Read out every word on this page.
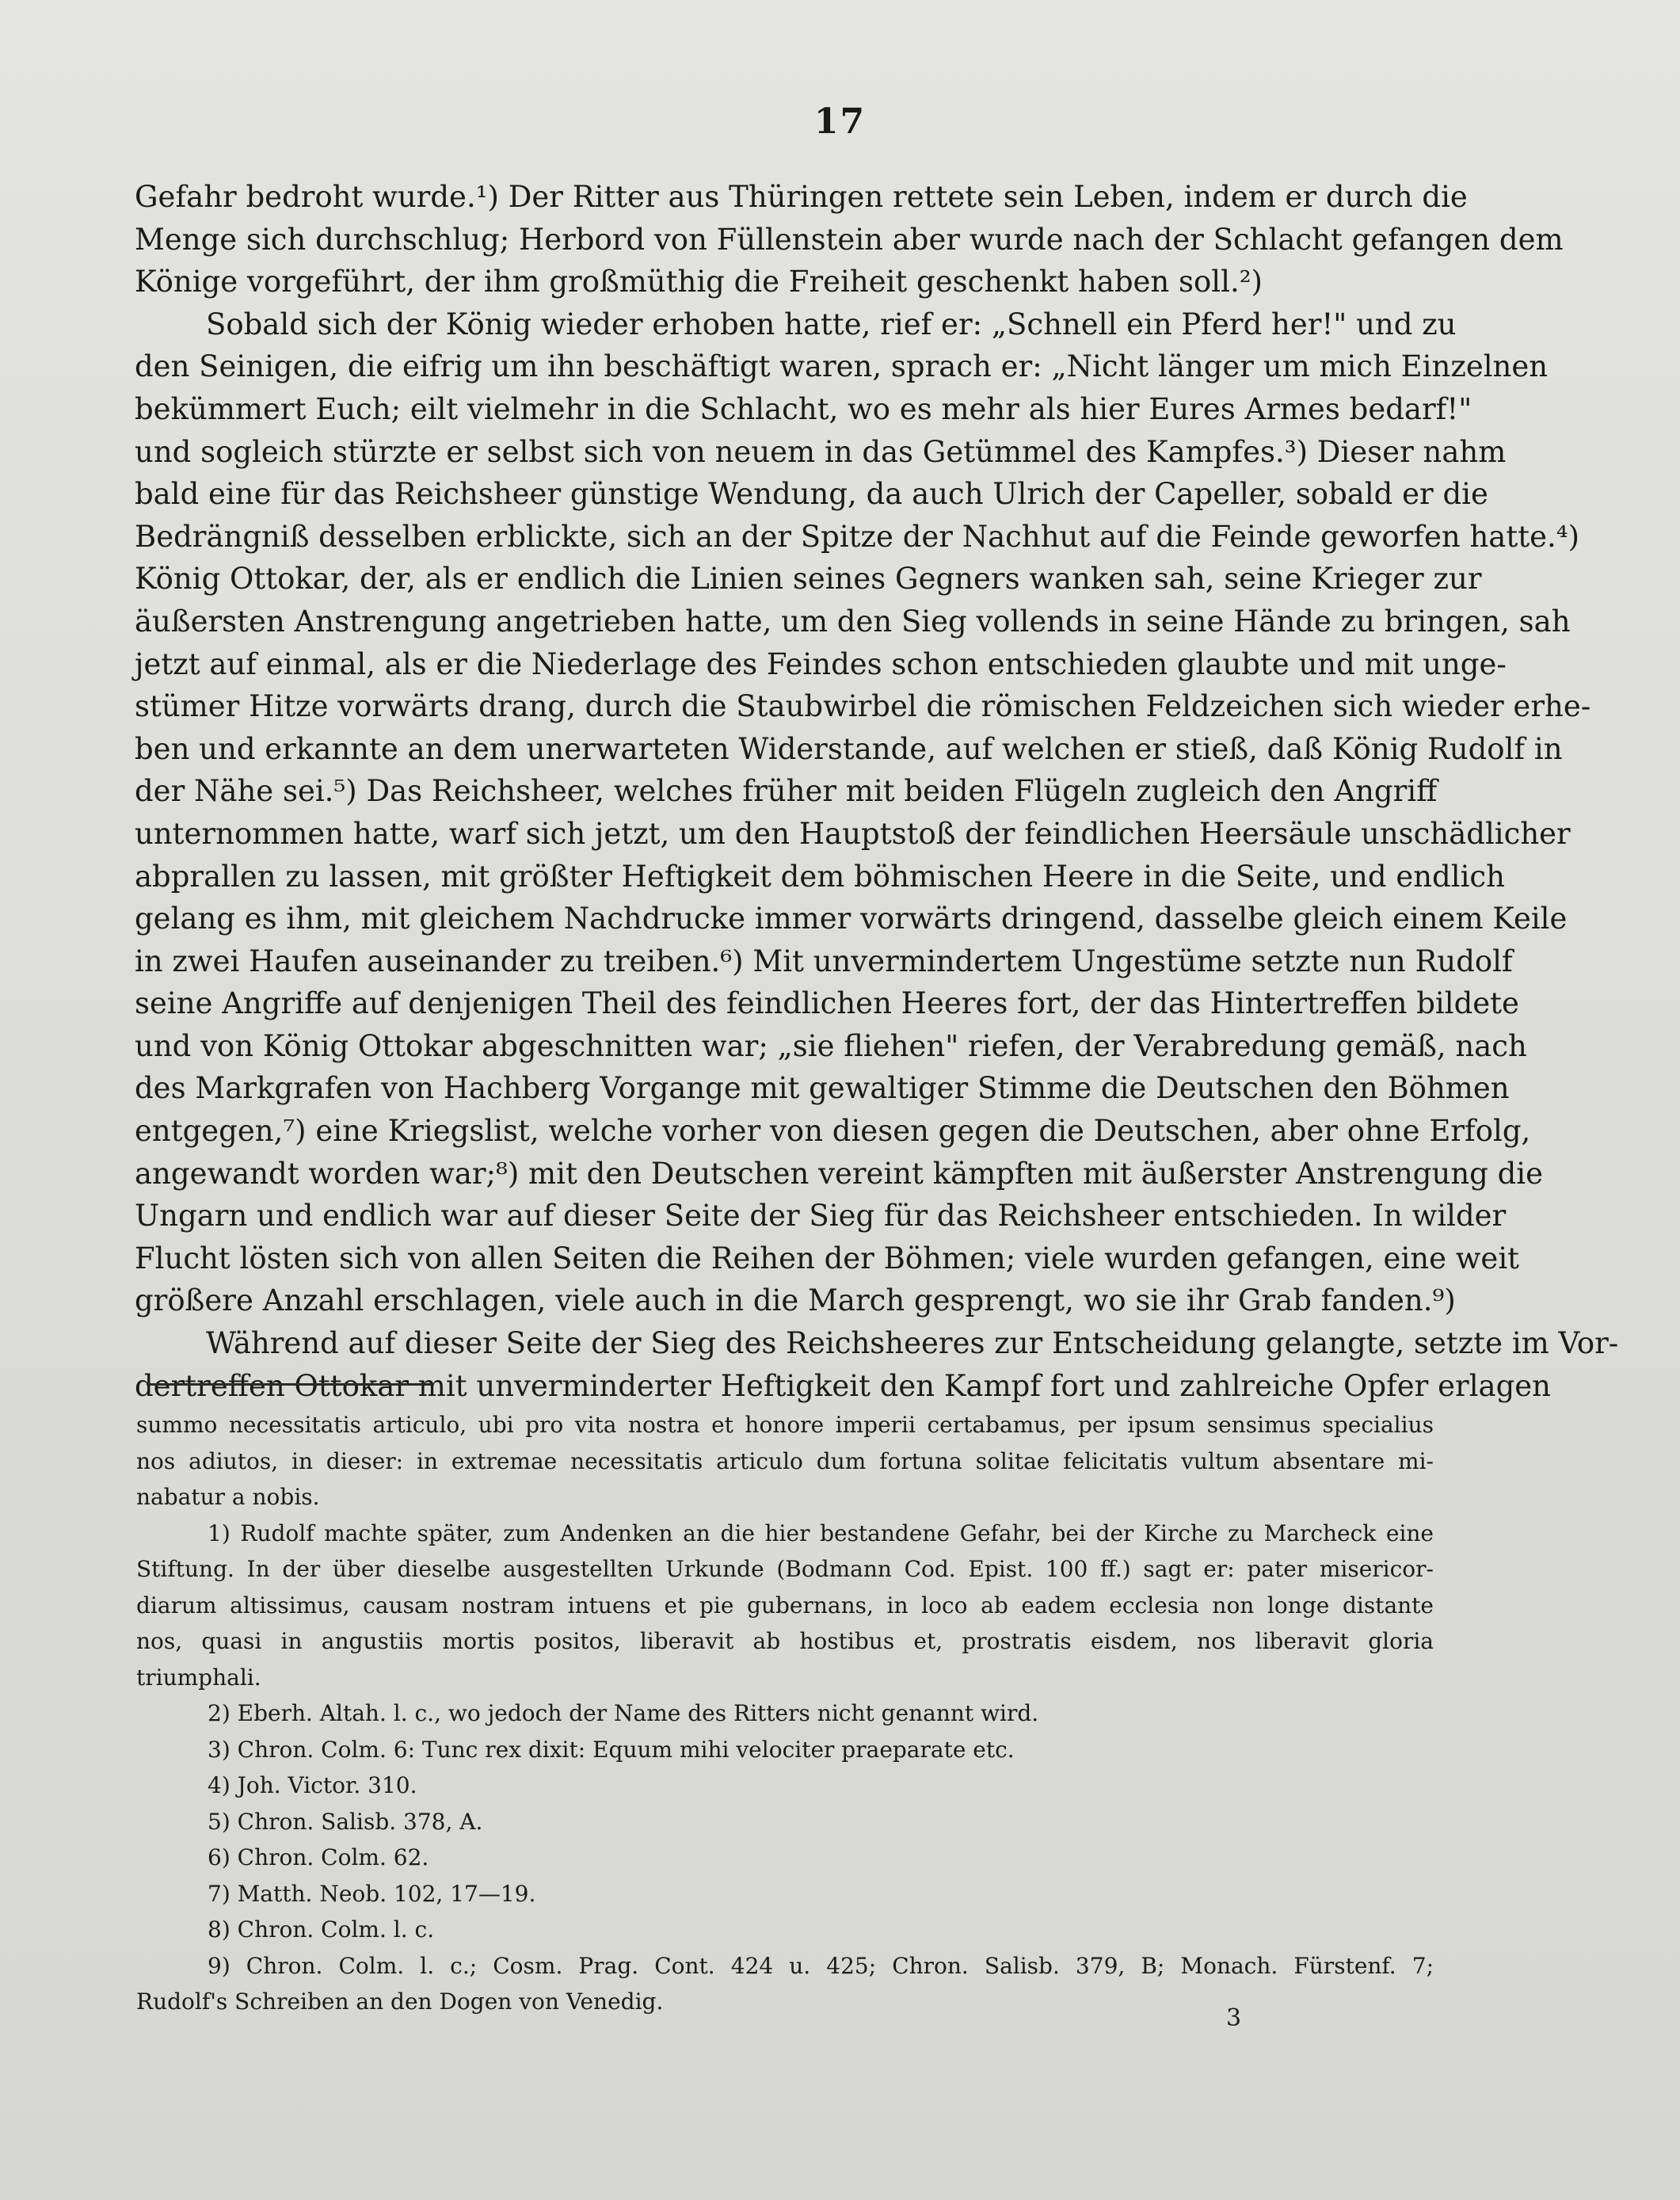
17
Gefahr bedroht wurde.¹) Der Ritter aus Thüringen rettete sein Leben, indem er durch die
Menge sich durchschlug; Herbord von Füllenstein aber wurde nach der Schlacht gefangen dem
Könige vorgeführt, der ihm großmüthig die Freiheit geschenkt haben soll.²)
Sobald sich der König wieder erhoben hatte, rief er: „Schnell ein Pferd her!" und zu
den Seinigen, die eifrig um ihn beschäftigt waren, sprach er: „Nicht länger um mich Einzelnen
bekümmert Euch; eilt vielmehr in die Schlacht, wo es mehr als hier Eures Armes bedarf!"
und sogleich stürzte er selbst sich von neuem in das Getümmel des Kampfes.³) Dieser nahm
bald eine für das Reichsheer günstige Wendung, da auch Ulrich der Capeller, sobald er die
Bedrängniß desselben erblickte, sich an der Spitze der Nachhut auf die Feinde geworfen hatte.⁴)
König Ottokar, der, als er endlich die Linien seines Gegners wanken sah, seine Krieger zur
äußersten Anstrengung angetrieben hatte, um den Sieg vollends in seine Hände zu bringen, sah
jetzt auf einmal, als er die Niederlage des Feindes schon entschieden glaubte und mit unge-
stümer Hitze vorwärts drang, durch die Staubwirbel die römischen Feldzeichen sich wieder erhe-
ben und erkannte an dem unerwarteten Widerstande, auf welchen er stieß, daß König Rudolf in
der Nähe sei.⁵) Das Reichsheer, welches früher mit beiden Flügeln zugleich den Angriff
unternommen hatte, warf sich jetzt, um den Hauptstoß der feindlichen Heersäule unschädlicher
abprallen zu lassen, mit größter Heftigkeit dem böhmischen Heere in die Seite, und endlich
gelang es ihm, mit gleichem Nachdrucke immer vorwärts dringend, dasselbe gleich einem Keile
in zwei Haufen auseinander zu treiben.⁶) Mit unvermindertem Ungestüme setzte nun Rudolf
seine Angriffe auf denjenigen Theil des feindlichen Heeres fort, der das Hintertreffen bildete
und von König Ottokar abgeschnitten war; „sie fliehen" riefen, der Verabredung gemäß, nach
des Markgrafen von Hachberg Vorgange mit gewaltiger Stimme die Deutschen den Böhmen
entgegen,⁷) eine Kriegslist, welche vorher von diesen gegen die Deutschen, aber ohne Erfolg,
angewandt worden war;⁸) mit den Deutschen vereint kämpften mit äußerster Anstrengung die
Ungarn und endlich war auf dieser Seite der Sieg für das Reichsheer entschieden. In wilder
Flucht lösten sich von allen Seiten die Reihen der Böhmen; viele wurden gefangen, eine weit
größere Anzahl erschlagen, viele auch in die March gesprengt, wo sie ihr Grab fanden.⁹)
Während auf dieser Seite der Sieg des Reichsheeres zur Entscheidung gelangte, setzte im Vor-
dertreffen Ottokar mit unverminderter Heftigkeit den Kampf fort und zahlreiche Opfer erlagen
summo necessitatis articulo, ubi pro vita nostra et honore imperii certabamus, per ipsum sensimus specialius
nos adiutos, in dieser: in extremae necessitatis articulo dum fortuna solitae felicitatis vultum absentare mi-
nabatur a nobis.
1) Rudolf machte später, zum Andenken an die hier bestandene Gefahr, bei der Kirche zu Marcheck eine
Stiftung. In der über dieselbe ausgestellten Urkunde (Bodmann Cod. Epist. 100 ff.) sagt er: pater misericor-
diarum altissimus, causam nostram intuens et pie gubernans, in loco ab eadem ecclesia non longe distante
nos, quasi in angustiis mortis positos, liberavit ab hostibus et, prostratis eisdem, nos liberavit gloria
triumphali.
2) Eberh. Altah. l. c., wo jedoch der Name des Ritters nicht genannt wird.
3) Chron. Colm. 6: Tunc rex dixit: Equum mihi velociter praeparate etc.
4) Joh. Victor. 310.
5) Chron. Salisb. 378, A.
6) Chron. Colm. 62.
7) Matth. Neob. 102, 17—19.
8) Chron. Colm. l. c.
9) Chron. Colm. l. c.; Cosm. Prag. Cont. 424 u. 425; Chron. Salisb. 379, B; Monach. Fürstenf. 7;
Rudolf's Schreiben an den Dogen von Venedig.
3
